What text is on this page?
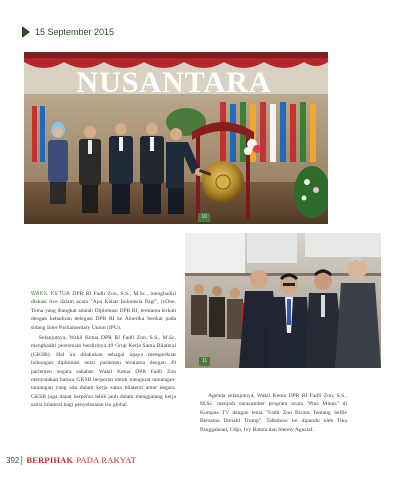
15 September 2015
NUSANTARA
10
11

WAKIL KETUA DPR RI Fadli Zon, S.S., M.Sc., menghadiri diskusi live dalam acara "Apa Kabar Indonesia Pagi", tvOne. Tema yang diangkat adalah Diplomasi DPR RI, terutama terkait dengan kehadiran delegasi DPR RI ke Amerika Serikat pada sidang Inter Parliamentary Union (IPU).

Selanjutnya, Wakil Ketua DPR RI Fadli Zon, S.S., M.Sc. menghadiri peresmian berdirinya 49 Grup Kerja Sama Bilateral (GKSB). Hal ini dilakukan sebagai upaya memperkuat hubungan diplomasi antar parlemen terutama dengan 49 parlemen negara sahabat. Wakil Ketua DPR Fadli Zon menyatakan bahwa GKSB berperan untuk mengurai tantangan-tantangan yang ada dalam kerja sama bilateral antar negara. GKSB juga dapat berperan lebih jauh dalam menggalang kerja sama bilateral bagi penyelesaian isu global.

Agenda selanjutnya, Wakil Ketua DPR RI Fadli Zon, S.S., M.Sc. menjadi narasumber program acara "Plus Minus" di Kompas TV dengan tema "Fadli Zon Bicara Tentang Selfie Bersama Donald Trump". Talkshow ini dipandu oleh Tika Panggabean, Udjo, Ivy Batuta dan Stenny Agustaf.

392 BERPIHAK PADA RAKYAT
